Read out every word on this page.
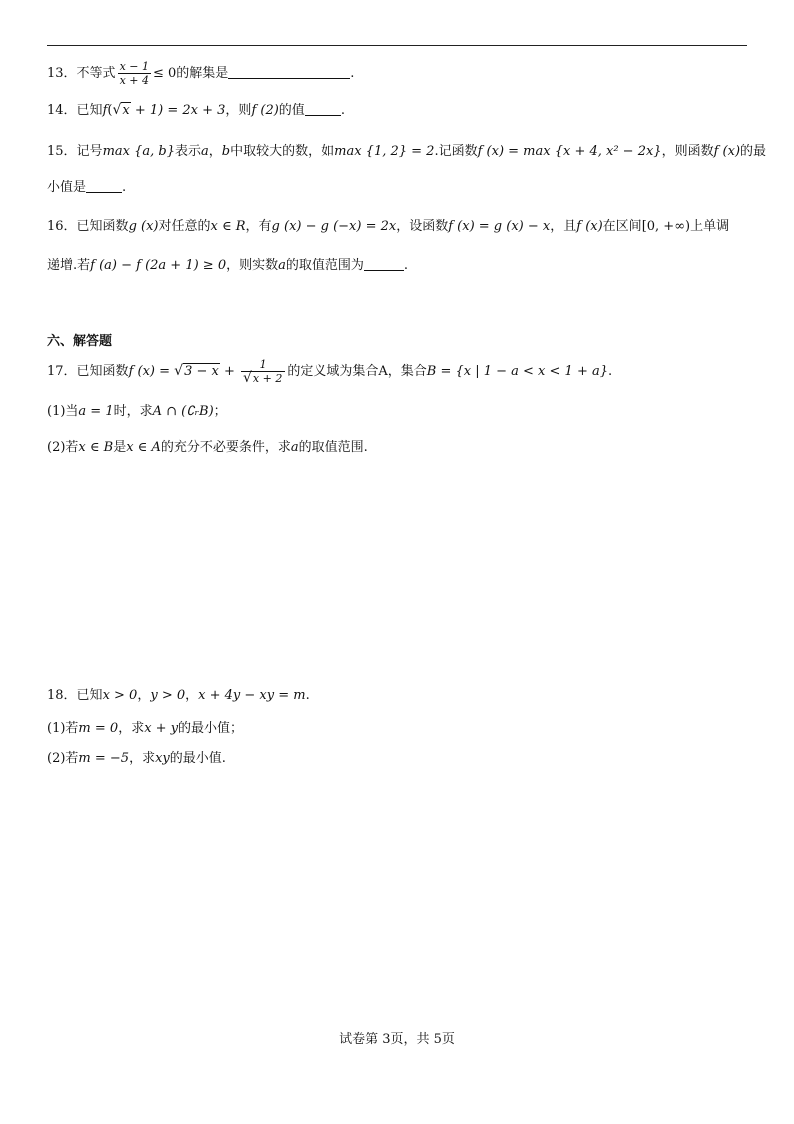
13．不等式 $\frac{x - 1}{x + 4} \le 0$的解集是	.
14．已知f(√x + 1) = 2x + 3，则f (2)的值	.
15．记号max {a, b}表示a，b中取较大的数，如max {1, 2} = 2.记函数f (x) = max {x + 4, x² − 2x}，则函数f (x)的最
小值是	.
16．已知函数g (x)对任意的x ∈ R，有g (x) − g (−x) = 2x，设函数f (x) = g (x) − x，且f (x)在区间[0, +∞)上单调
递增.若f (a) − f (2a + 1) ≥ 0，则实数a的取值范围为	.
六、解答题
17．已知函数f $(x) = √3 - x + \frac{1}{√x + 2}$ 的定义域为集合A，集合B = {x | 1 − a < x < 1 + a}.
(1)当a = 1时，求A ∩ (∁ᵣB)；
(2)若x ∈ B是x ∈ A的充分不必要条件，求a的取值范围.
18．已知x > 0，y > 0，x + 4y − xy = m.
(1)若m = 0，求x + y的最小值；
(2)若m = −5，求xy的最小值.
试卷第 3页，共 5页
